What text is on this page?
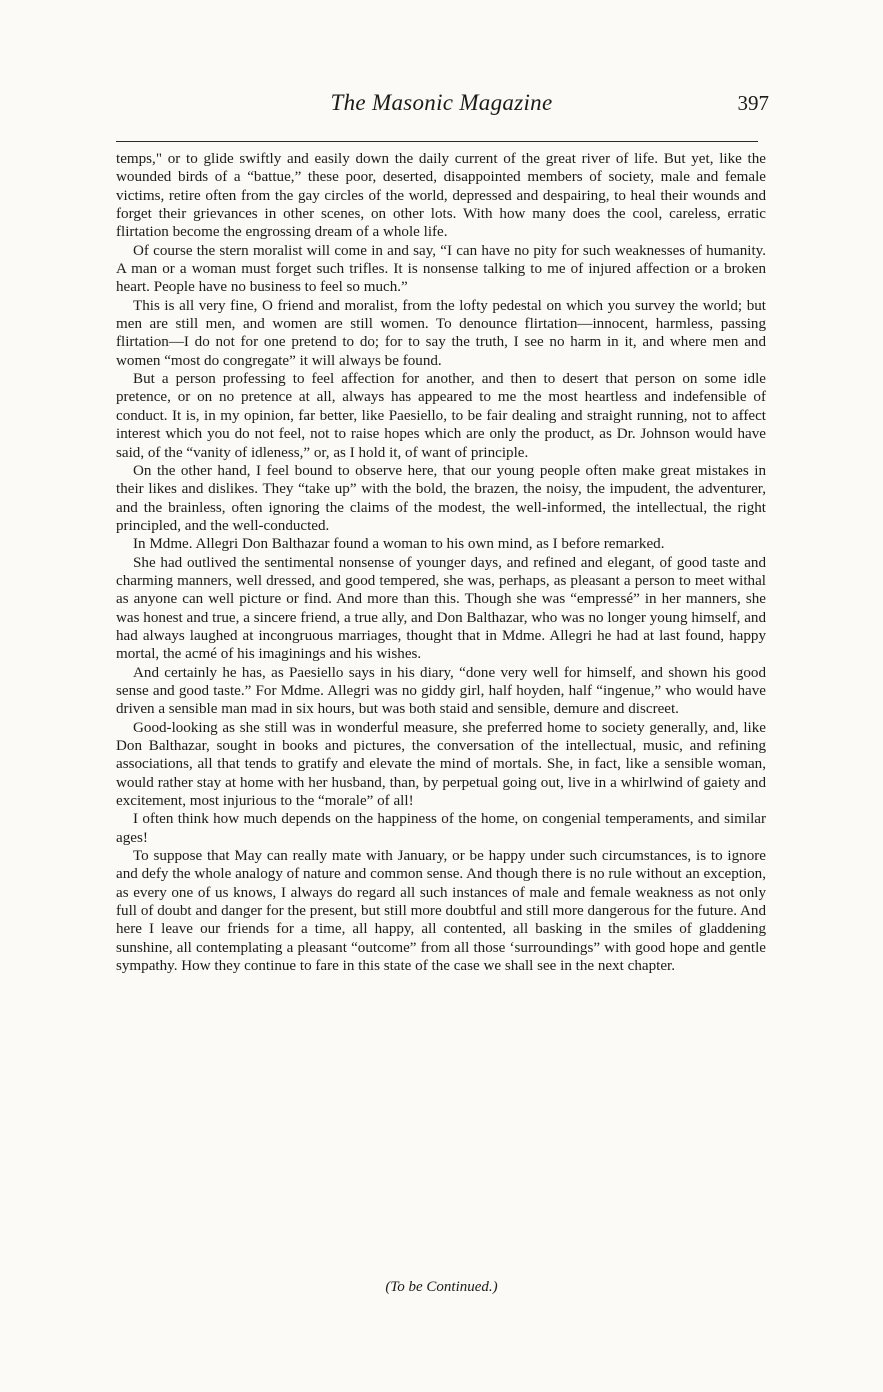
The Masonic Magazine	397

temps," or to glide swiftly and easily down the daily current of the great river of life. But yet, like the wounded birds of a “battue,” these poor, deserted, disappointed members of society, male and female victims, retire often from the gay circles of the world, depressed and despairing, to heal their wounds and forget their grievances in other scenes, on other lots. With how many does the cool, careless, erratic flirtation become the engrossing dream of a whole life.

Of course the stern moralist will come in and say, “I can have no pity for such weaknesses of humanity. A man or a woman must forget such trifles. It is nonsense talking to me of injured affection or a broken heart. People have no business to feel so much.”

This is all very fine, O friend and moralist, from the lofty pedestal on which you survey the world; but men are still men, and women are still women. To denounce flirtation—innocent, harmless, passing flirtation—I do not for one pretend to do; for to say the truth, I see no harm in it, and where men and women “most do congregate” it will always be found.

But a person professing to feel affection for another, and then to desert that person on some idle pretence, or on no pretence at all, always has appeared to me the most heartless and indefensible of conduct. It is, in my opinion, far better, like Paesiello, to be fair dealing and straight running, not to affect interest which you do not feel, not to raise hopes which are only the product, as Dr. Johnson would have said, of the “vanity of idleness,” or, as I hold it, of want of principle.

On the other hand, I feel bound to observe here, that our young people often make great mistakes in their likes and dislikes. They “take up” with the bold, the brazen, the noisy, the impudent, the adventurer, and the brainless, often ignoring the claims of the modest, the well-informed, the intellectual, the right principled, and the well-conducted.

In Mdme. Allegri Don Balthazar found a woman to his own mind, as I before remarked.

She had outlived the sentimental nonsense of younger days, and refined and elegant, of good taste and charming manners, well dressed, and good tempered, she was, perhaps, as pleasant a person to meet withal as anyone can well picture or find. And more than this. Though she was “empressé” in her manners, she was honest and true, a sincere friend, a true ally, and Don Balthazar, who was no longer young himself, and had always laughed at incongruous marriages, thought that in Mdme. Allegri he had at last found, happy mortal, the acmé of his imaginings and his wishes.

And certainly he has, as Paesiello says in his diary, “done very well for himself, and shown his good sense and good taste.” For Mdme. Allegri was no giddy girl, half hoyden, half “ingenue,” who would have driven a sensible man mad in six hours, but was both staid and sensible, demure and discreet.

Good-looking as she still was in wonderful measure, she preferred home to society generally, and, like Don Balthazar, sought in books and pictures, the conversation of the intellectual, music, and refining associations, all that tends to gratify and elevate the mind of mortals. She, in fact, like a sensible woman, would rather stay at home with her husband, than, by perpetual going out, live in a whirlwind of gaiety and excitement, most injurious to the “morale” of all!

I often think how much depends on the happiness of the home, on congenial temperaments, and similar ages!

To suppose that May can really mate with January, or be happy under such circumstances, is to ignore and defy the whole analogy of nature and common sense. And though there is no rule without an exception, as every one of us knows, I always do regard all such instances of male and female weakness as not only full of doubt and danger for the present, but still more doubtful and still more dangerous for the future. And here I leave our friends for a time, all happy, all contented, all basking in the smiles of gladdening sunshine, all contemplating a pleasant “outcome” from all those ‘surroundings” with good hope and gentle sympathy. How they continue to fare in this state of the case we shall see in the next chapter.

(To be Continued.)
